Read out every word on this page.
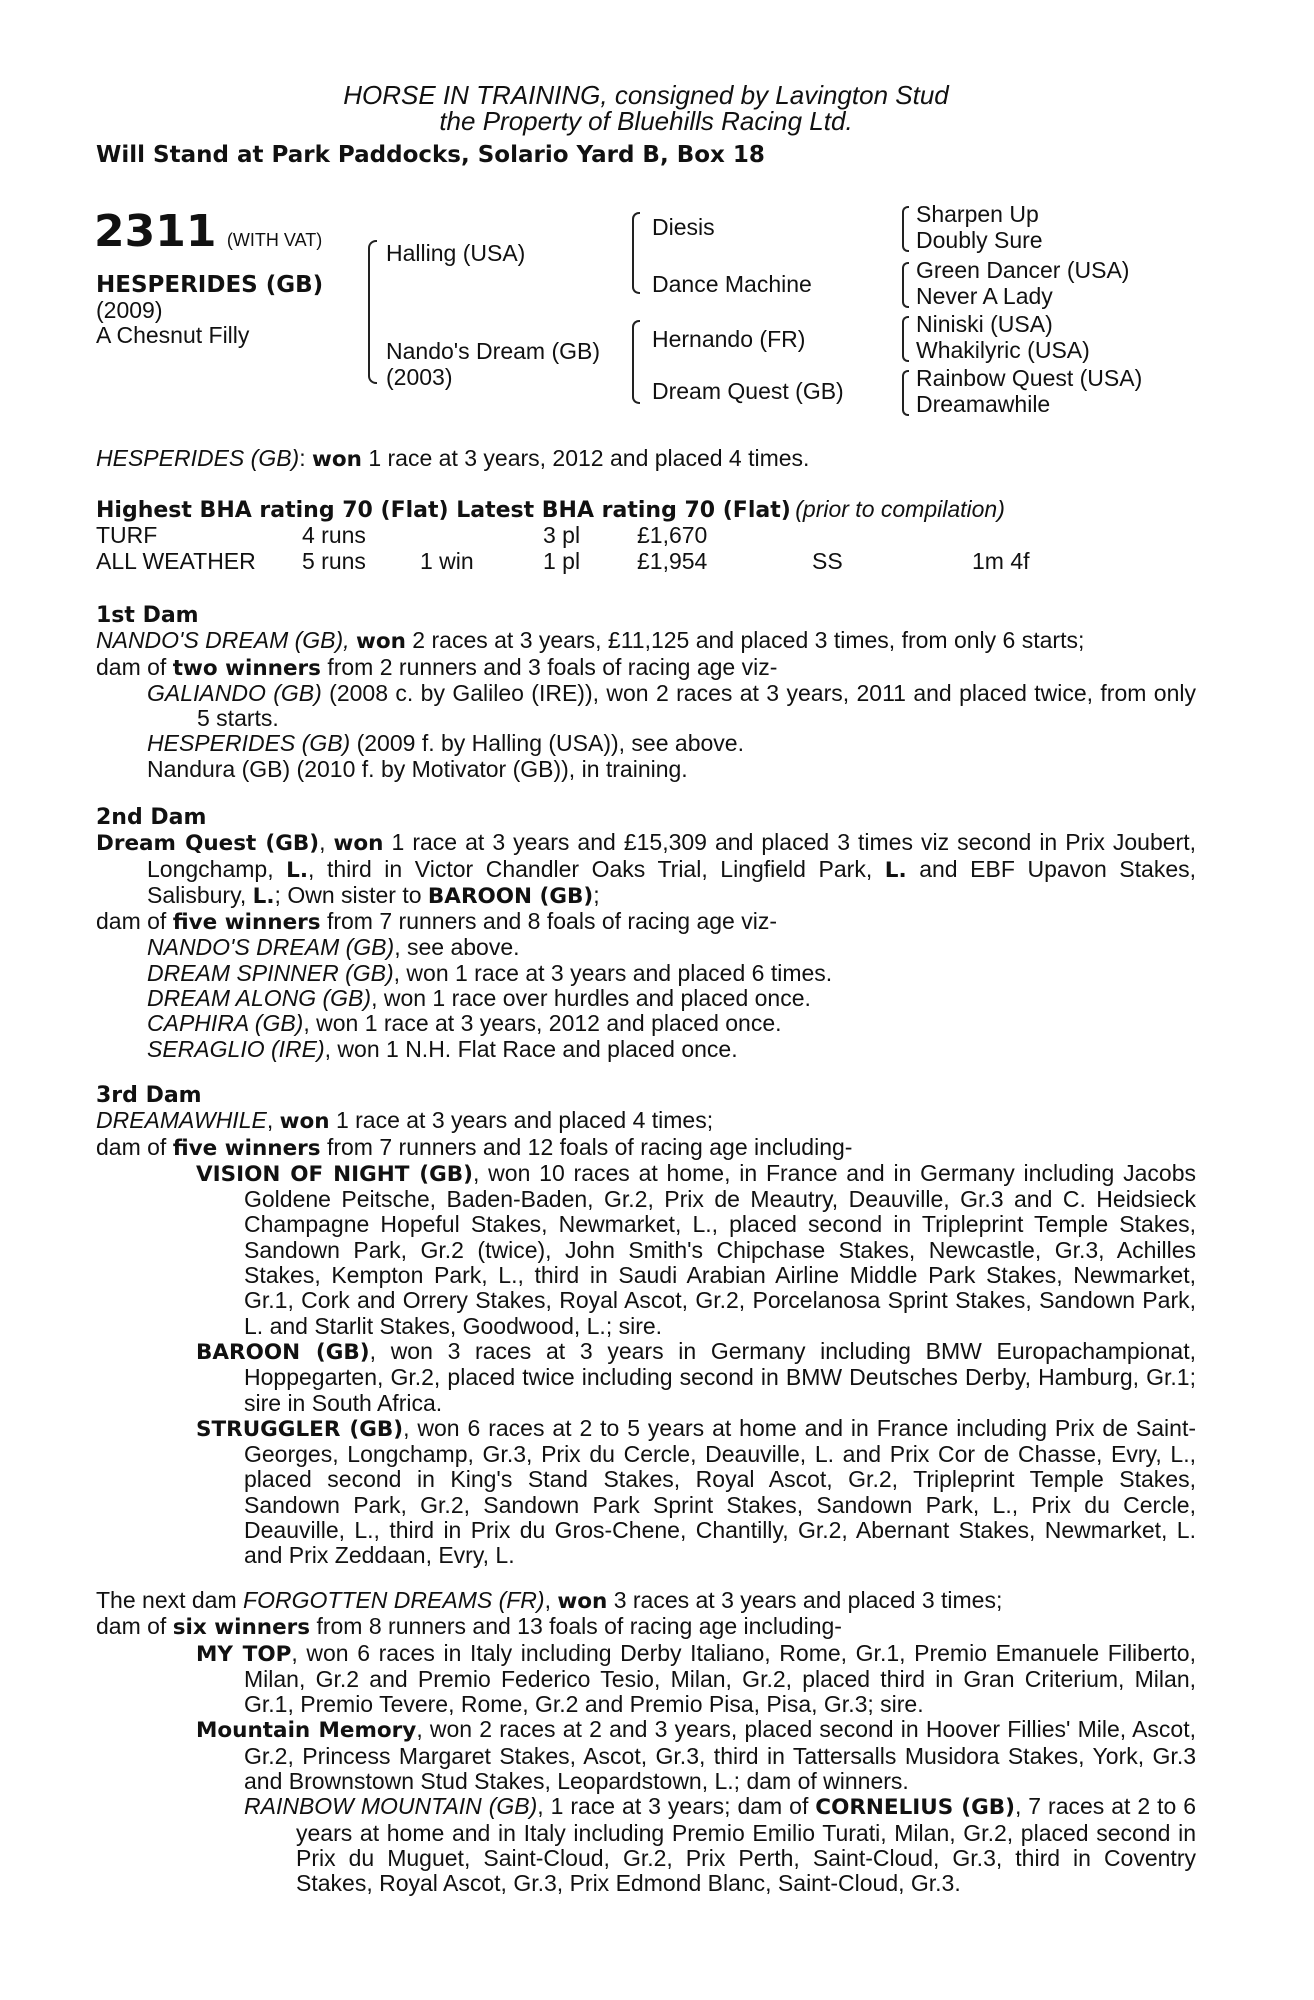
HORSE IN TRAINING, consigned by Lavington Stud
the Property of Bluehills Racing Ltd.
Will Stand at Park Paddocks, Solario Yard B, Box 18
2311 (WITH VAT)
HESPERIDES (GB)
(2009)
A Chesnut Filly
Halling (USA)
Nando's Dream (GB)
(2003)
Diesis
Dance Machine
Hernando (FR)
Dream Quest (GB)
Sharpen Up
Doubly Sure
Green Dancer (USA)
Never A Lady
Niniski (USA)
Whakilyric (USA)
Rainbow Quest (USA)
Dreamawhile
HESPERIDES (GB): won 1 race at 3 years, 2012 and placed 4 times.
Highest BHA rating 70 (Flat) Latest BHA rating 70 (Flat) (prior to compilation)
TURF	4 runs	3 pl £1,670
ALL WEATHER 5 runs 1 win	1 pl £1,954	SS	1m 4f

1st Dam

NANDO'S DREAM (GB), won 2 races at 3 years, £11,125 and placed 3 times, from only 6 starts;

dam of two winners from 2 runners and 3 foals of racing age viz-

GALIANDO (GB) (2008 c. by Galileo (IRE)), won 2 races at 3 years, 2011 and placed twice, from only 5 starts.

HESPERIDES (GB) (2009 f. by Halling (USA)), see above.

Nandura (GB) (2010 f. by Motivator (GB)), in training.

2nd Dam

Dream Quest (GB), won 1 race at 3 years and £15,309 and placed 3 times viz second in Prix Joubert, Longchamp, L., third in Victor Chandler Oaks Trial, Lingfield Park, L. and EBF Upavon Stakes, Salisbury, L.; Own sister to BAROON (GB);

dam of five winners from 7 runners and 8 foals of racing age viz-

NANDO'S DREAM (GB), see above.

DREAM SPINNER (GB), won 1 race at 3 years and placed 6 times.

DREAM ALONG (GB), won 1 race over hurdles and placed once.

CAPHIRA (GB), won 1 race at 3 years, 2012 and placed once.

SERAGLIO (IRE), won 1 N.H. Flat Race and placed once.

3rd Dam

DREAMAWHILE, won 1 race at 3 years and placed 4 times;

dam of five winners from 7 runners and 12 foals of racing age including-

VISION OF NIGHT (GB), won 10 races at home, in France and in Germany including Jacobs Goldene Peitsche, Baden-Baden, Gr.2, Prix de Meautry, Deauville, Gr.3 and C. Heidsieck Champagne Hopeful Stakes, Newmarket, L., placed second in Tripleprint Temple Stakes, Sandown Park, Gr.2 (twice), John Smith's Chipchase Stakes, Newcastle, Gr.3, Achilles Stakes, Kempton Park, L., third in Saudi Arabian Airline Middle Park Stakes, Newmarket, Gr.1, Cork and Orrery Stakes, Royal Ascot, Gr.2, Porcelanosa Sprint Stakes, Sandown Park, L. and Starlit Stakes, Goodwood, L.; sire.

BAROON (GB), won 3 races at 3 years in Germany including BMW Europachampionat, Hoppegarten, Gr.2, placed twice including second in BMW Deutsches Derby, Hamburg, Gr.1; sire in South Africa.

STRUGGLER (GB), won 6 races at 2 to 5 years at home and in France including Prix de Saint-Georges, Longchamp, Gr.3, Prix du Cercle, Deauville, L. and Prix Cor de Chasse, Evry, L., placed second in King's Stand Stakes, Royal Ascot, Gr.2, Tripleprint Temple Stakes, Sandown Park, Gr.2, Sandown Park Sprint Stakes, Sandown Park, L., Prix du Cercle, Deauville, L., third in Prix du Gros-Chene, Chantilly, Gr.2, Abernant Stakes, Newmarket, L. and Prix Zeddaan, Evry, L.

The next dam FORGOTTEN DREAMS (FR), won 3 races at 3 years and placed 3 times;

dam of six winners from 8 runners and 13 foals of racing age including-

MY TOP, won 6 races in Italy including Derby Italiano, Rome, Gr.1, Premio Emanuele Filiberto, Milan, Gr.2 and Premio Federico Tesio, Milan, Gr.2, placed third in Gran Criterium, Milan, Gr.1, Premio Tevere, Rome, Gr.2 and Premio Pisa, Pisa, Gr.3; sire.

Mountain Memory, won 2 races at 2 and 3 years, placed second in Hoover Fillies' Mile, Ascot, Gr.2, Princess Margaret Stakes, Ascot, Gr.3, third in Tattersalls Musidora Stakes, York, Gr.3 and Brownstown Stud Stakes, Leopardstown, L.; dam of winners.

RAINBOW MOUNTAIN (GB), 1 race at 3 years; dam of CORNELIUS (GB), 7 races at 2 to 6 years at home and in Italy including Premio Emilio Turati, Milan, Gr.2, placed second in Prix du Muguet, Saint-Cloud, Gr.2, Prix Perth, Saint-Cloud, Gr.3, third in Coventry Stakes, Royal Ascot, Gr.3, Prix Edmond Blanc, Saint-Cloud, Gr.3.
